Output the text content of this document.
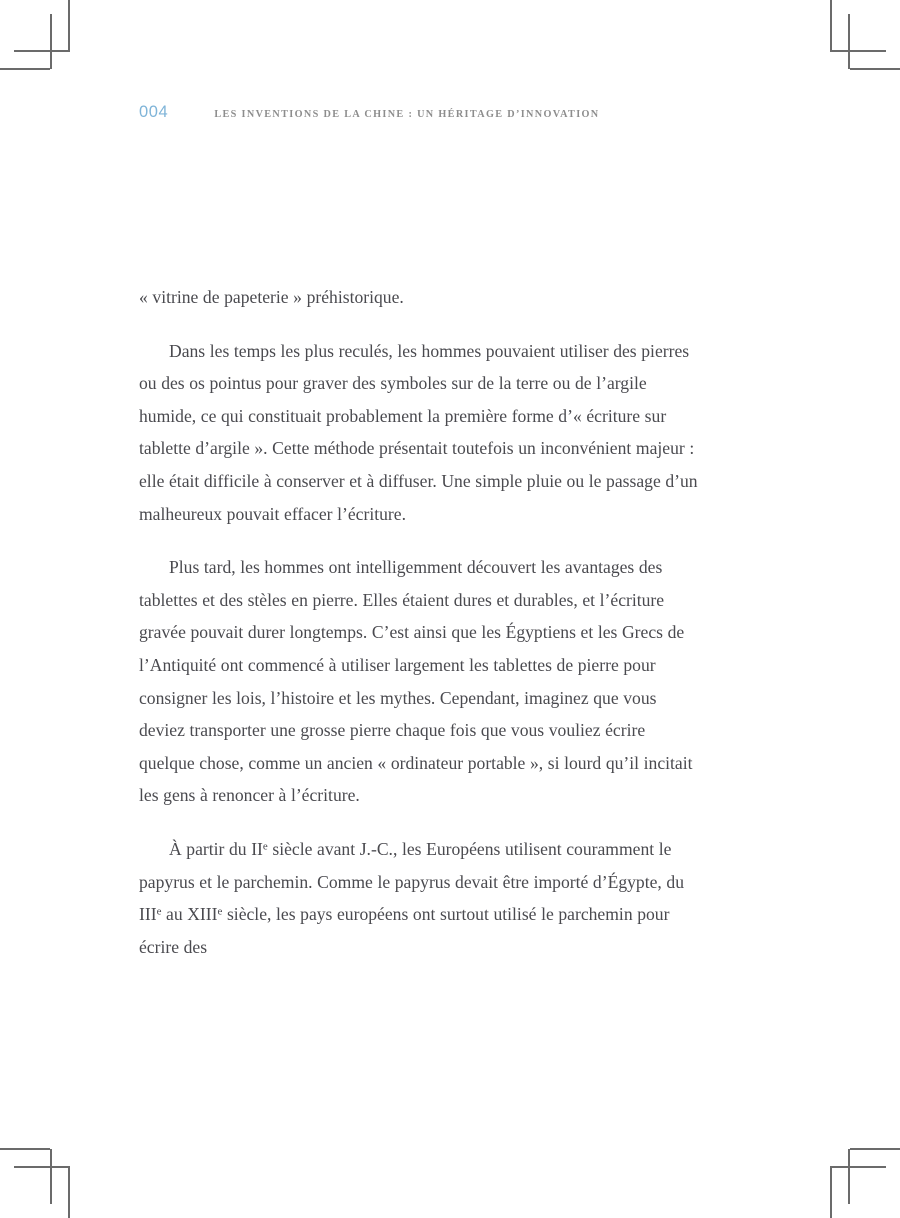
004	LES INVENTIONS DE LA CHINE : UN HÉRITAGE D’INNOVATION

« vitrine de papeterie » préhistorique.

Dans les temps les plus reculés, les hommes pouvaient utiliser des pierres ou des os pointus pour graver des symboles sur de la terre ou de l’argile humide, ce qui constituait probablement la première forme d’« écriture sur tablette d’argile ». Cette méthode présentait toutefois un inconvénient majeur : elle était difficile à conserver et à diffuser. Une simple pluie ou le passage d’un malheureux pouvait effacer l’écriture.

Plus tard, les hommes ont intelligemment découvert les avantages des tablettes et des stèles en pierre. Elles étaient dures et durables, et l’écriture gravée pouvait durer longtemps. C’est ainsi que les Égyptiens et les Grecs de l’Antiquité ont commencé à utiliser largement les tablettes de pierre pour consigner les lois, l’histoire et les mythes. Cependant, imaginez que vous deviez transporter une grosse pierre chaque fois que vous vouliez écrire quelque chose, comme un ancien « ordinateur portable », si lourd qu’il incitait les gens à renoncer à l’écriture.

À partir du IIe siècle avant J.-C., les Européens utilisent couramment le papyrus et le parchemin. Comme le papyrus devait être importé d’Égypte, du IIIe au XIIIe siècle, les pays européens ont surtout utilisé le parchemin pour écrire des
